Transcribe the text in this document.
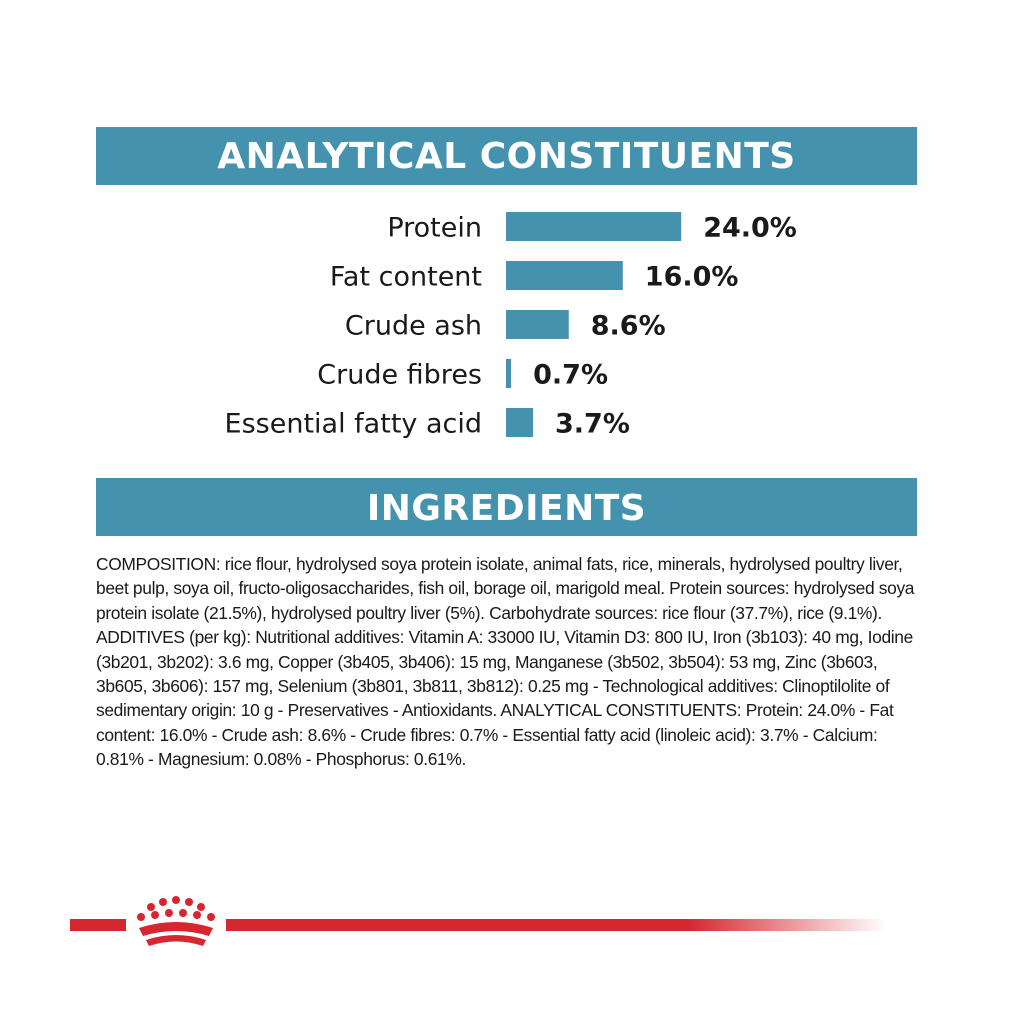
ANALYTICAL CONSTITUENTS
Protein	24.0%
Fat content	16.0%
Crude ash	8.6%
Crude fibres 0.7%
Essential fatty acid	3.7%
INGREDIENTS
COMPOSITION: rice flour, hydrolysed soya protein isolate, animal fats, rice, minerals, hydrolysed poultry liver, beet pulp, soya oil, fructo-oligosaccharides, fish oil, borage oil, marigold meal. Protein sources: hydrolysed soya protein isolate (21.5%), hydrolysed poultry liver (5%). Carbohydrate sources: rice flour (37.7%), rice (9.1%). ADDITIVES (per kg): Nutritional additives: Vitamin A: 33000 IU, Vitamin D3: 800 IU, Iron (3b103): 40 mg, Iodine (3b201, 3b202): 3.6 mg, Copper (3b405, 3b406): 15 mg, Manganese (3b502, 3b504): 53 mg, Zinc (3b603, 3b605, 3b606): 157 mg, Selenium (3b801, 3b811, 3b812): 0.25 mg - Technological additives: Clinoptilolite of sedimentary origin: 10 g - Preservatives - Antioxidants. ANALYTICAL CONSTITUENTS: Protein: 24.0% - Fat content: 16.0% - Crude ash: 8.6% - Crude fibres: 0.7% - Essential fatty acid (linoleic acid): 3.7% - Calcium: 0.81% - Magnesium: 0.08% - Phosphorus: 0.61%.
